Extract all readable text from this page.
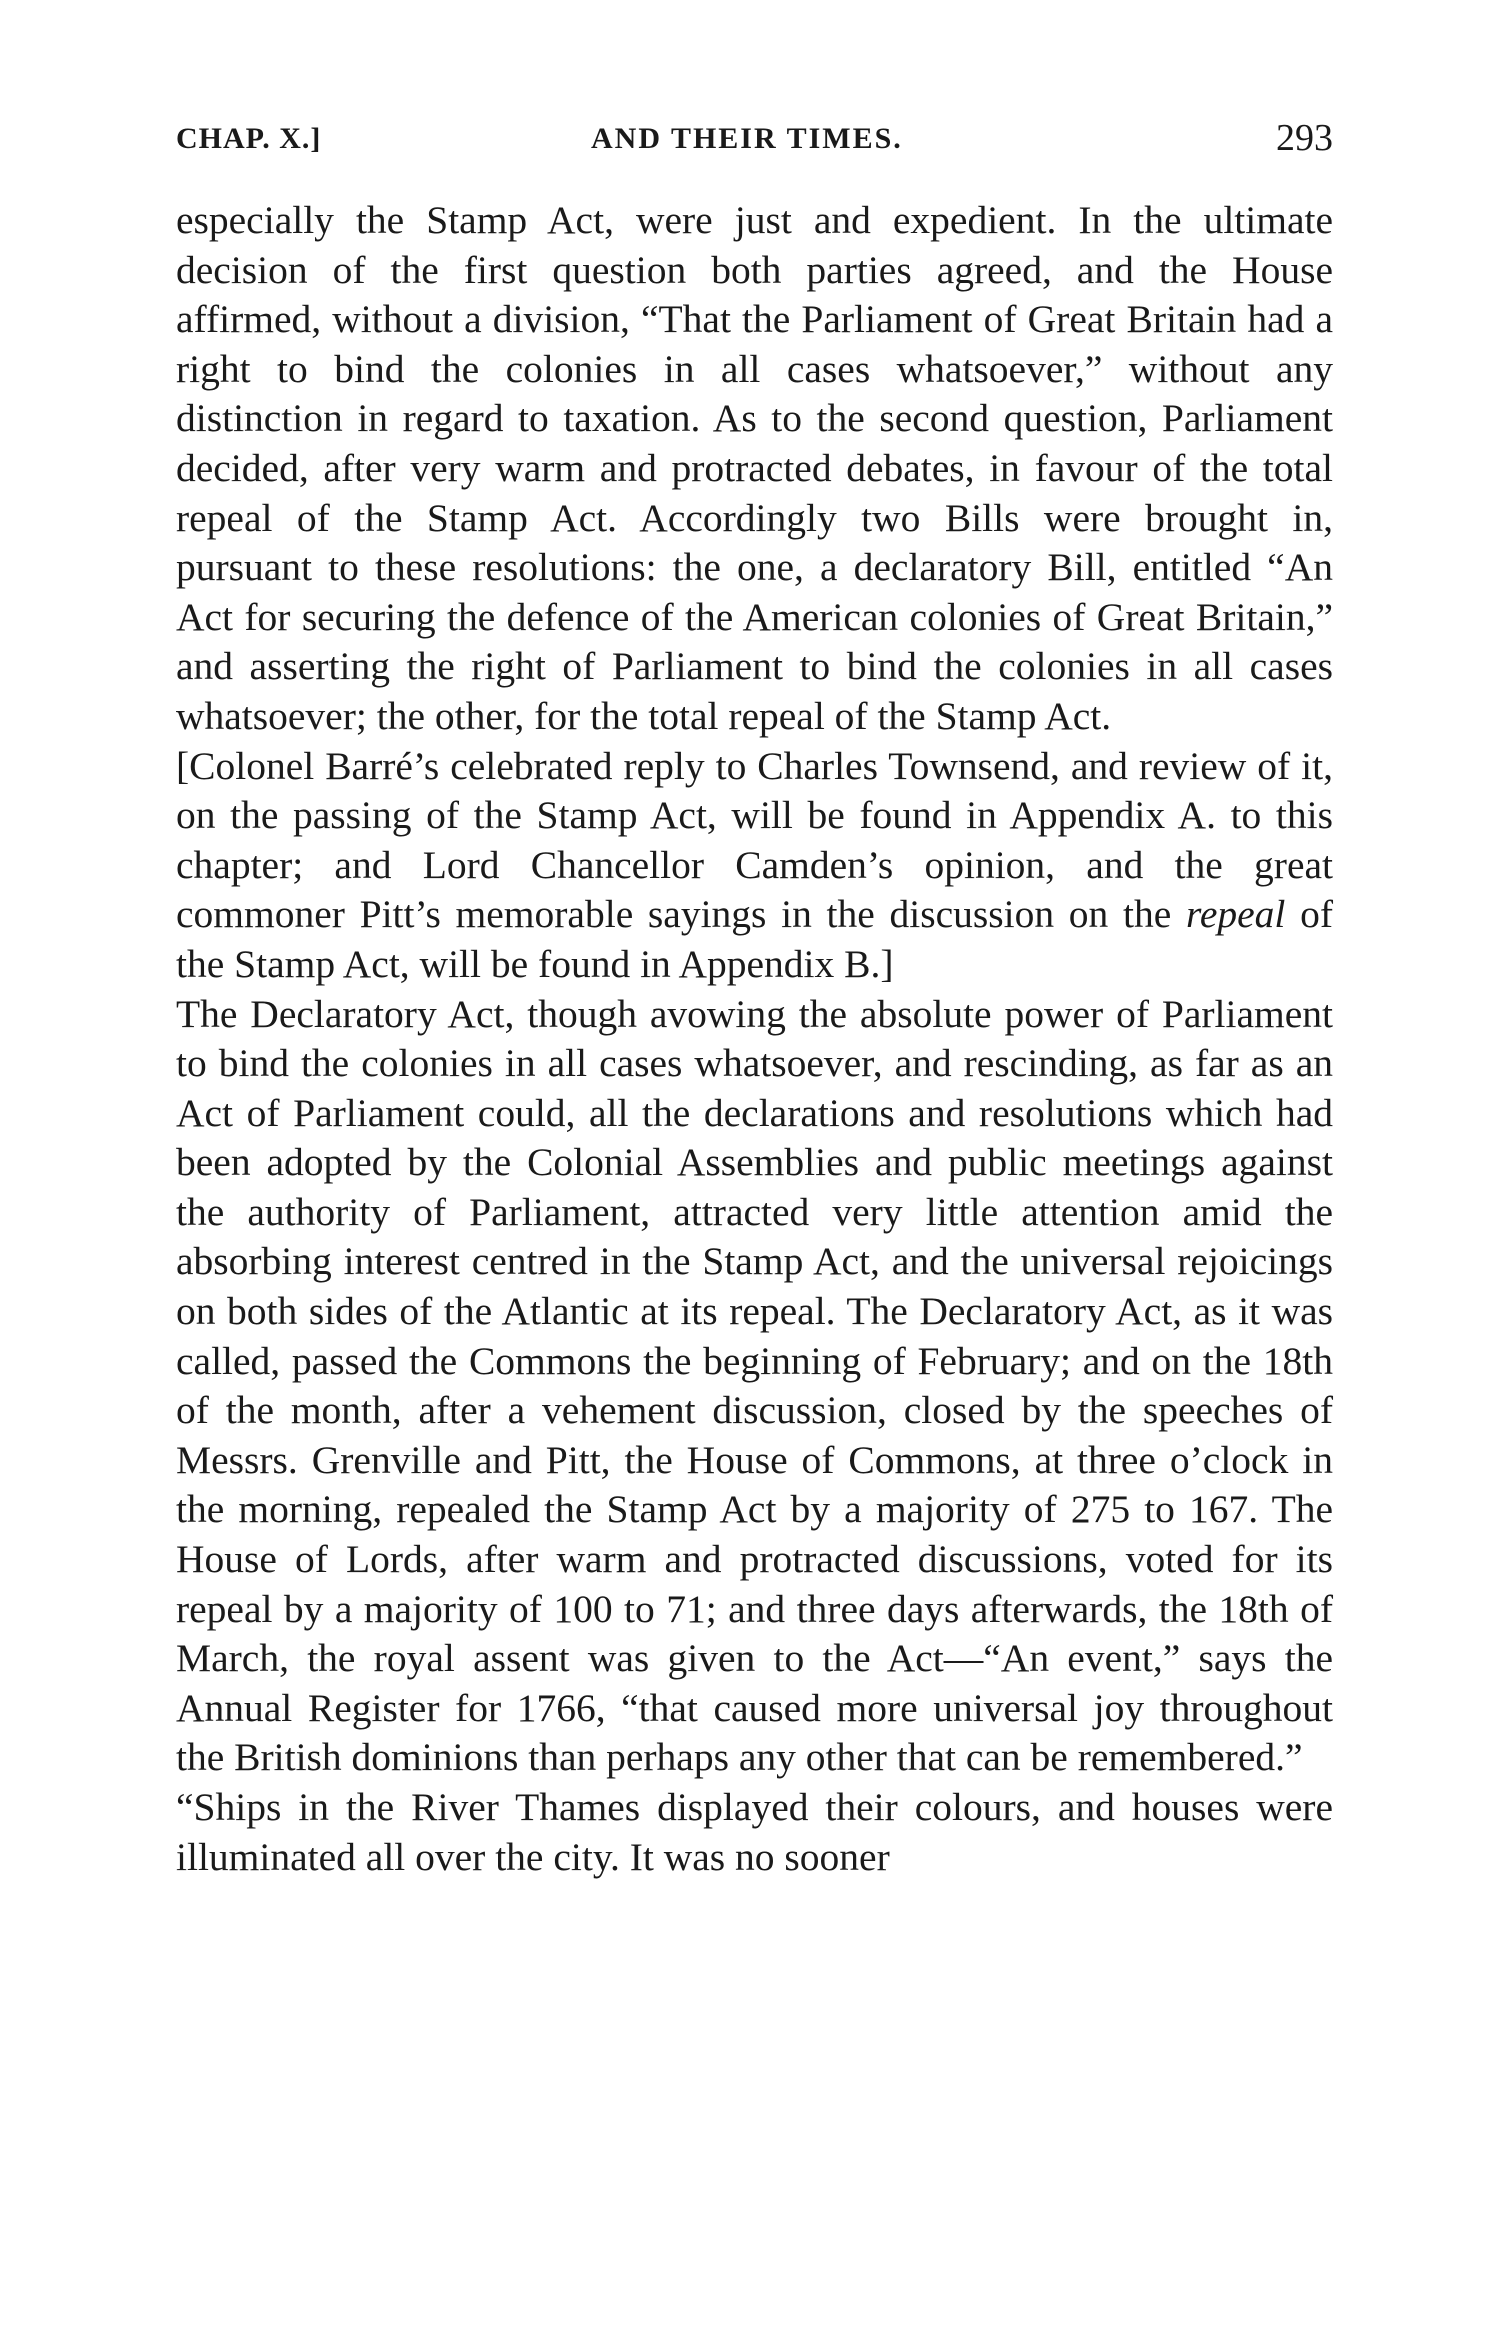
CHAP. X.]	AND THEIR TIMES.	293

especially the Stamp Act, were just and expedient. In the ultimate decision of the first question both parties agreed, and the House affirmed, without a division, “That the Parliament of Great Britain had a right to bind the colonies in all cases whatsoever,” without any distinction in regard to taxation. As to the second question, Parliament decided, after very warm and protracted debates, in favour of the total repeal of the Stamp Act. Accordingly two Bills were brought in, pursuant to these resolutions: the one, a declaratory Bill, entitled “An Act for securing the defence of the American colonies of Great Britain,” and asserting the right of Parliament to bind the colonies in all cases whatsoever; the other, for the total repeal of the Stamp Act.

[Colonel Barré’s celebrated reply to Charles Townsend, and review of it, on the passing of the Stamp Act, will be found in Appendix A. to this chapter; and Lord Chancellor Camden’s opinion, and the great commoner Pitt’s memorable sayings in the discussion on the repeal of the Stamp Act, will be found in Appendix B.]

The Declaratory Act, though avowing the absolute power of Parliament to bind the colonies in all cases whatsoever, and rescinding, as far as an Act of Parliament could, all the declarations and resolutions which had been adopted by the Colonial Assemblies and public meetings against the authority of Parliament, attracted very little attention amid the absorbing interest centred in the Stamp Act, and the universal rejoicings on both sides of the Atlantic at its repeal. The Declaratory Act, as it was called, passed the Commons the beginning of February; and on the 18th of the month, after a vehement discussion, closed by the speeches of Messrs. Grenville and Pitt, the House of Commons, at three o’clock in the morning, repealed the Stamp Act by a majority of 275 to 167. The House of Lords, after warm and protracted discussions, voted for its repeal by a majority of 100 to 71; and three days afterwards, the 18th of March, the royal assent was given to the Act—“An event,” says the Annual Register for 1766, “that caused more universal joy throughout the British dominions than perhaps any other that can be remembered.”

“Ships in the River Thames displayed their colours, and houses were illuminated all over the city. It was no sooner
